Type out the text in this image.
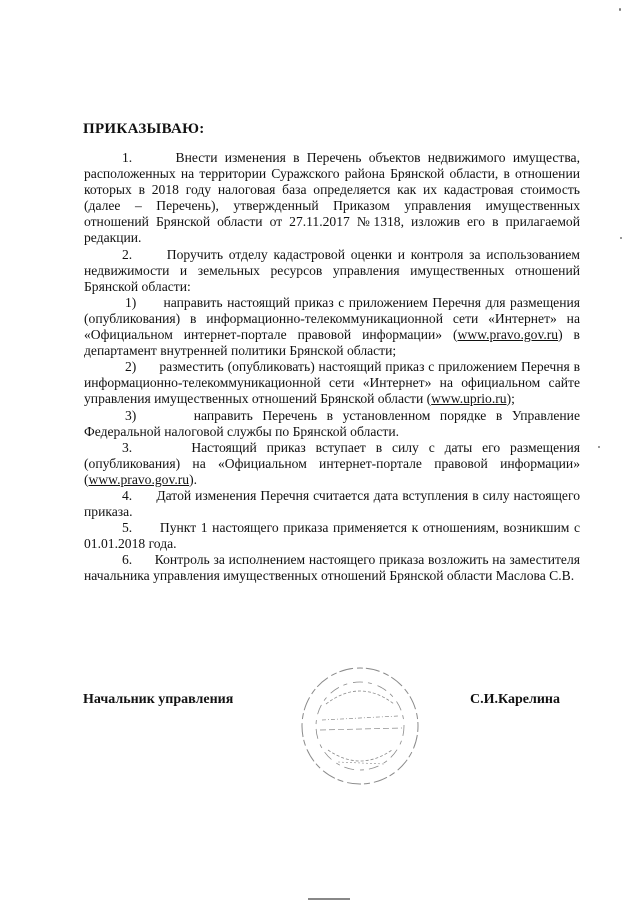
ПРИКАЗЫВАЮ:

1.      Внести изменения в Перечень объектов недвижимого имущества, расположенных на территории Суражского района Брянской области, в отношении которых в 2018 году налоговая база определяется как их кадастровая стоимость (далее – Перечень), утвержденный Приказом управления имущественных отношений Брянской области от 27.11.2017 №1318, изложив его в прилагаемой редакции.

2.      Поручить отделу кадастровой оценки и контроля за использованием недвижимости и земельных ресурсов управления имущественных отношений Брянской области:

1)      направить настоящий приказ с приложением Перечня для размещения (опубликования) в информационно-телекоммуникационной сети «Интернет» на «Официальном интернет-портале правовой информации» (www.pravo.gov.ru) в департамент внутренней политики Брянской области;

2)      разместить (опубликовать) настоящий приказ с приложением Перечня в информационно-телекоммуникационной сети «Интернет» на официальном сайте управления имущественных отношений Брянской области (www.uprio.ru);

3)      направить Перечень в установленном порядке в Управление Федеральной налоговой службы по Брянской области.

3.      Настоящий приказ вступает в силу с даты его размещения (опубликования) на «Официальном интернет-портале правовой информации» (www.pravo.gov.ru).

4.      Датой изменения Перечня считается дата вступления в силу настоящего приказа.

5.      Пункт 1 настоящего приказа применяется к отношениям, возникшим с 01.01.2018 года.

6.      Контроль за исполнением настоящего приказа возложить на заместителя начальника управления имущественных отношений Брянской области Маслова С.В.

Начальник управления	С.И.Карелина
